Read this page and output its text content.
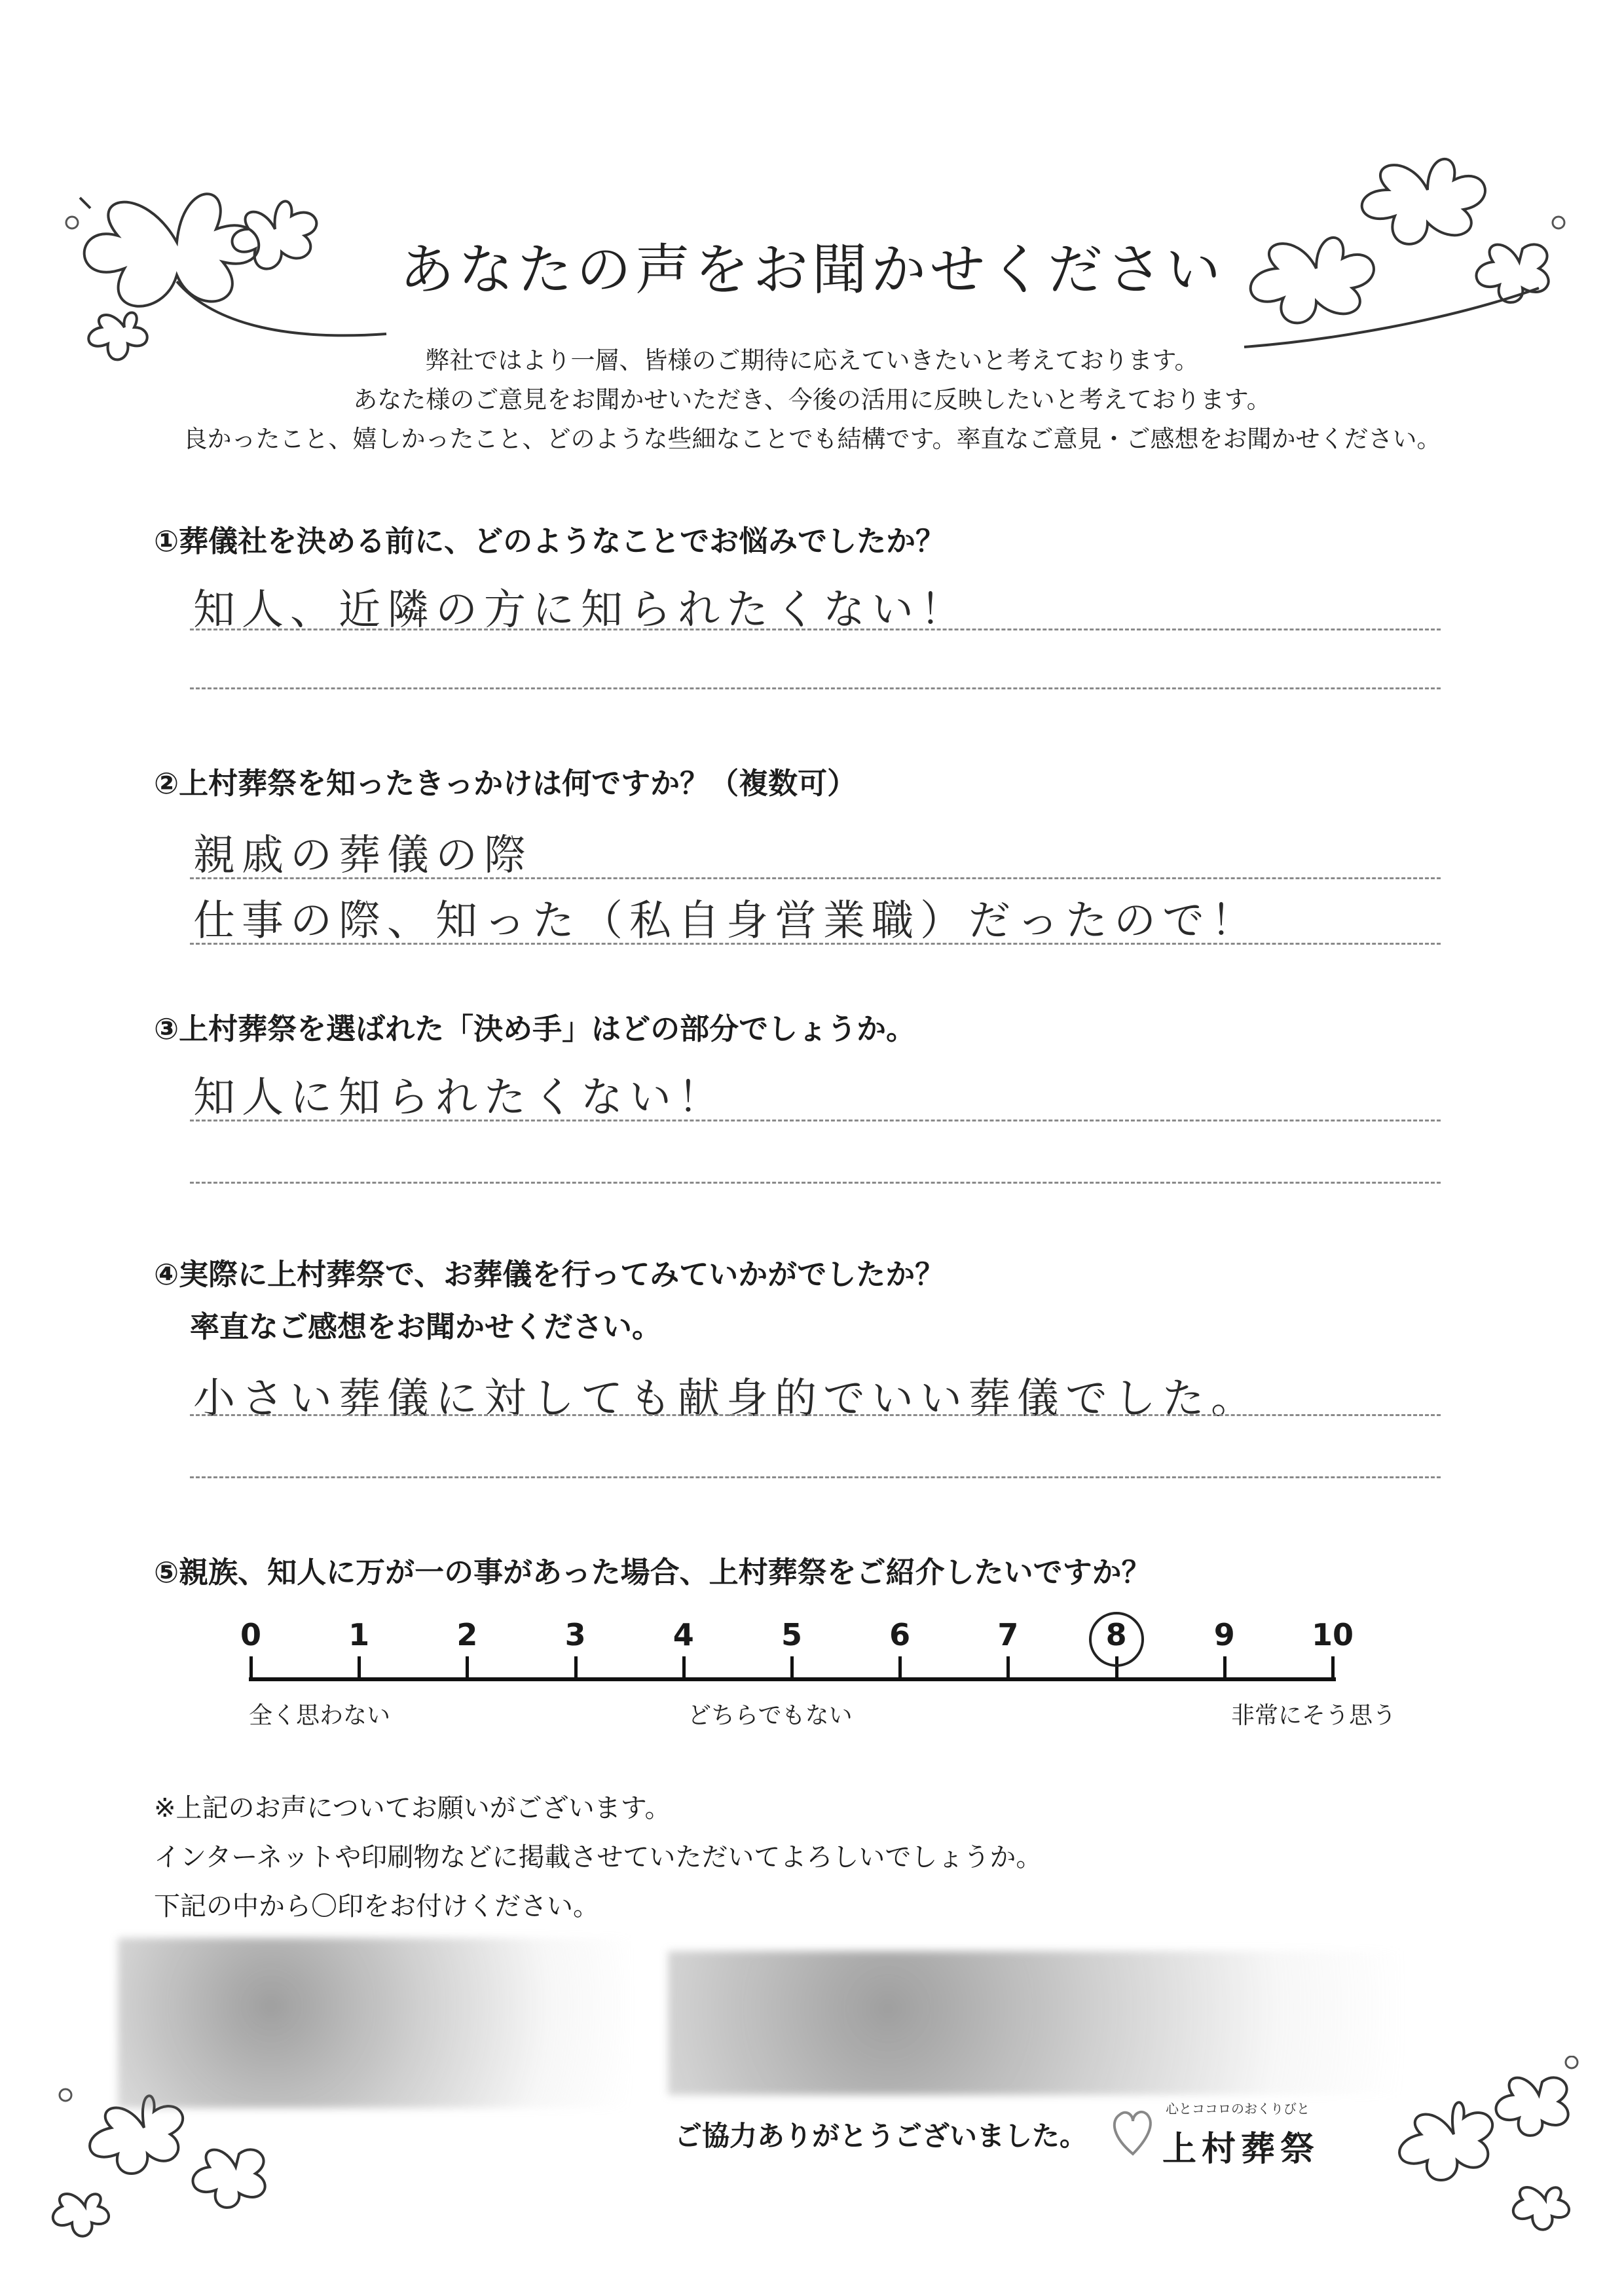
あなたの声をお聞かせください
弊社ではより一層、皆様のご期待に応えていきたいと考えております。
あなた様のご意見をお聞かせいただき、今後の活用に反映したいと考えております。
良かったこと、嬉しかったこと、どのような些細なことでも結構です。率直なご意見・ご感想をお聞かせください。
①葬儀社を決める前に、どのようなことでお悩みでしたか？
知人、近隣の方に知られたくない！
②上村葬祭を知ったきっかけは何ですか？（複数可）
親戚の葬儀の際
仕事の際、知った（私自身営業職）だったので！
③上村葬祭を選ばれた「決め手」はどの部分でしょうか。
知人に知られたくない！
④実際に上村葬祭で、お葬儀を行ってみていかがでしたか？
率直なご感想をお聞かせください。
小さい葬儀に対しても献身的でいい葬儀でした。
⑤親族、知人に万が一の事があった場合、上村葬祭をご紹介したいですか？
0	1	2	3	4	5	6	7	8	9	10
全く思わない	どちらでもない	非常にそう思う
※上記のお声についてお願いがございます。
インターネットや印刷物などに掲載させていただいてよろしいでしょうか。
下記の中から〇印をお付けください。
ご協力ありがとうございました。
心とココロのおくりびと
上村葬祭
